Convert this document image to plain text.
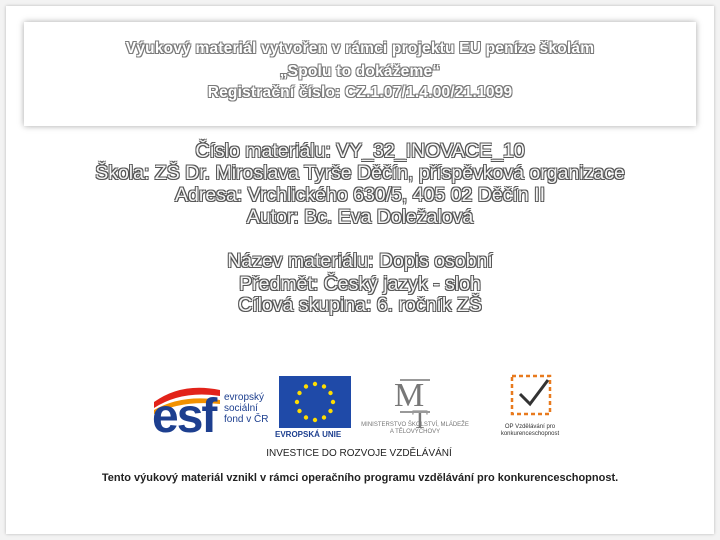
Výukový materiál vytvořen v rámci projektu EU peníze školám
„Spolu to dokážeme“
Registrační číslo: CZ.1.07/1.4.00/21.1099
Číslo materiálu: VY_32_INOVACE_10
Škola: ZŠ Dr. Miroslava Tyrše Děčín, příspěvková organizace
Adresa: Vrchlického 630/5, 405 02 Děčín II
Autor: Bc. Eva Doležalová
Název materiálu: Dopis osobní
Předmět: Český jazyk - sloh
Cílová skupina: 6. ročník ZŠ
esf evropský sociální fond v ČR
EVROPSKÁ UNIE
M
T
MINISTERSTVO ŠKOLSTVÍ, MLÁDEŽE A TĚLOVÝCHOVY
OP Vzdělávání pro konkurenceschopnost
INVESTICE DO ROZVOJE VZDĚLÁVÁNÍ
Tento výukový materiál vznikl v rámci operačního programu vzdělávání pro konkurenceschopnost.
